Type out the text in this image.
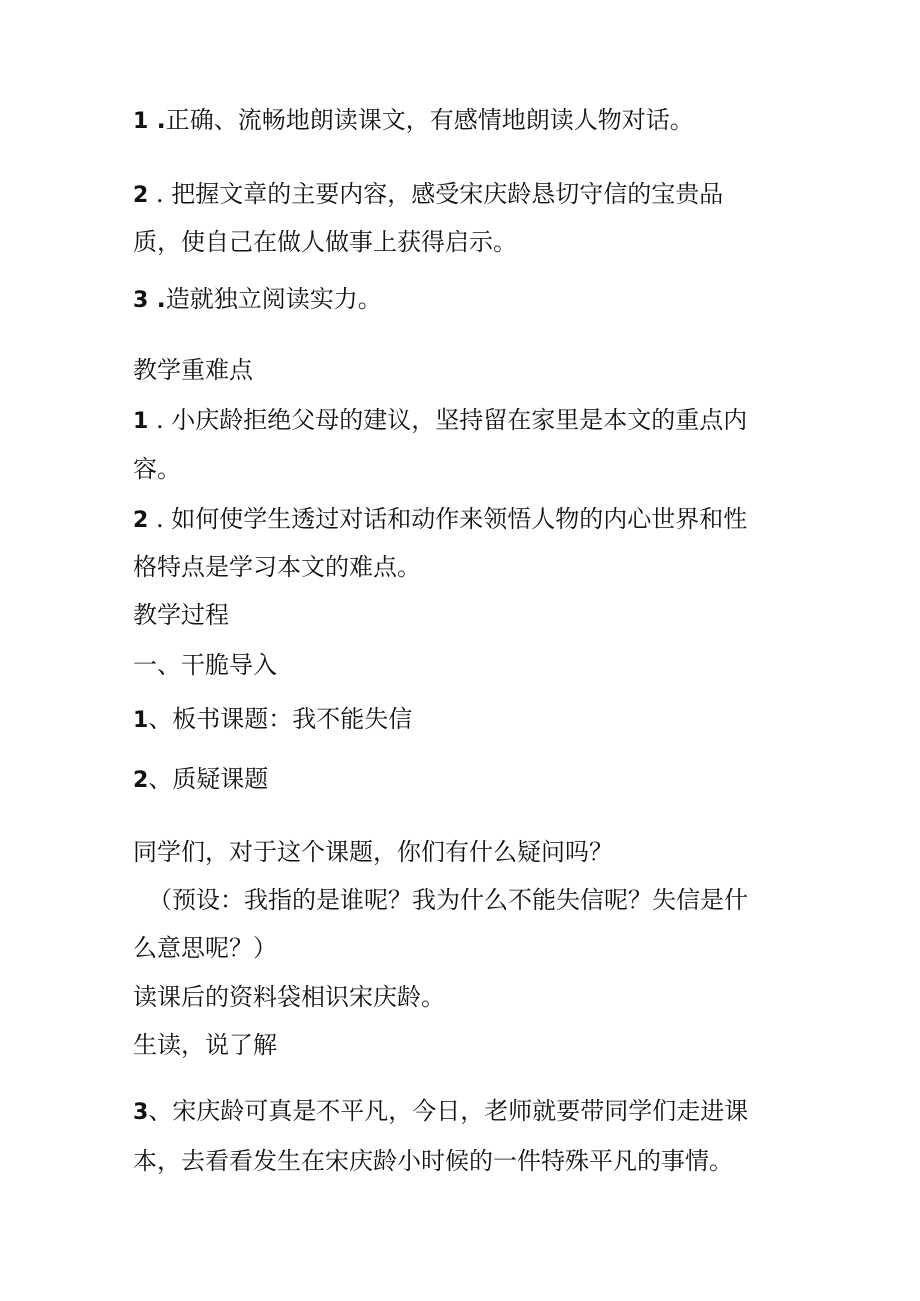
1 .正确、流畅地朗读课文，有感情地朗读人物对话。
2 . 把握文章的主要内容，感受宋庆龄恳切守信的宝贵品
质，使自己在做人做事上获得启示。
3 .造就独立阅读实力。
教学重难点
1 . 小庆龄拒绝父母的建议，坚持留在家里是本文的重点内
容。
2 . 如何使学生透过对话和动作来领悟人物的内心世界和性
格特点是学习本文的难点。
教学过程
一、干脆导入
1、板书课题：我不能失信
2、质疑课题
同学们，对于这个课题，你们有什么疑问吗？
（预设：我指的是谁呢？我为什么不能失信呢？失信是什
么意思呢？）
读课后的资料袋相识宋庆龄。
生读，说了解
3、宋庆龄可真是不平凡，今日，老师就要带同学们走进课
本，去看看发生在宋庆龄小时候的一件特殊平凡的事情。
